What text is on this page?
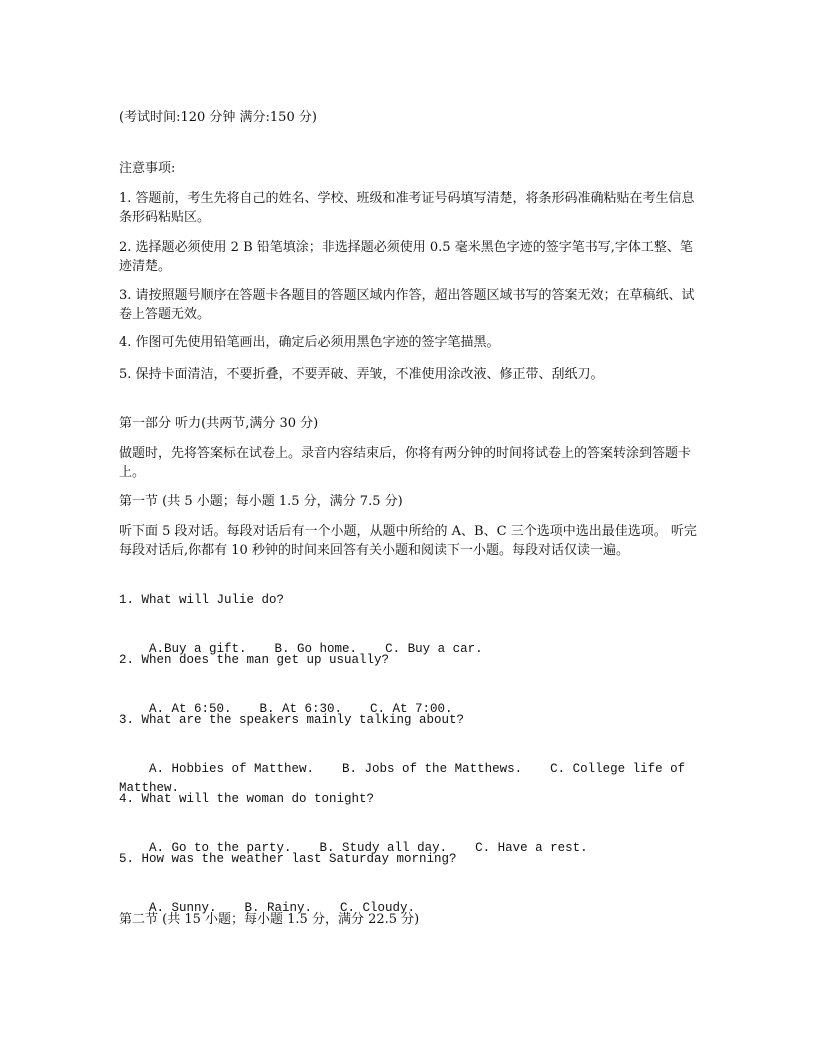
(考试时间:120 分钟 满分:150 分)
注意事项:
1. 答题前，考生先将自己的姓名、学校、班级和准考证号码填写清楚，将条形码准确粘贴在考生信息条形码粘贴区。
2. 选择题必须使用 2 B 铅笔填涂；非选择题必须使用 0.5 毫米黑色字迹的签字笔书写,字体工整、笔迹清楚。
3. 请按照题号顺序在答题卡各题目的答题区域内作答，超出答题区域书写的答案无效；在草稿纸、试卷上答题无效。
4. 作图可先使用铅笔画出，确定后必须用黑色字迹的签字笔描黑。
5. 保持卡面清洁，不要折叠，不要弄破、弄皱，不准使用涂改液、修正带、刮纸刀。
第一部分 听力(共两节,满分 30 分)
做题时，先将答案标在试卷上。录音内容结束后，你将有两分钟的时间将试卷上的答案转涂到答题卡上。
第一节 (共 5 小题；每小题 1.5 分，满分 7.5 分)
听下面 5 段对话。每段对话后有一个小题，从题中所给的 A、B、C 三个选项中选出最佳选项。 听完每段对话后,你都有 10 秒钟的时间来回答有关小题和阅读下一小题。每段对话仅读一遍。
1. What will Julie do?

A.Buy a gift. B. Go home. C. Buy a car.

2. When does the man get up usually?

A. At 6:50. B. At 6:30. C. At 7:00.

3. What are the speakers mainly talking about?

A. Hobbies of Matthew. B. Jobs of the Matthews. C. College life of Matthew.

4. What will the woman do tonight?

A. Go to the party. B. Study all day. C. Have a rest.

5. How was the weather last Saturday morning?

A. Sunny. B. Rainy. C. Cloudy.

第二节 (共 15 小题；每小题 1.5 分，满分 22.5 分)
